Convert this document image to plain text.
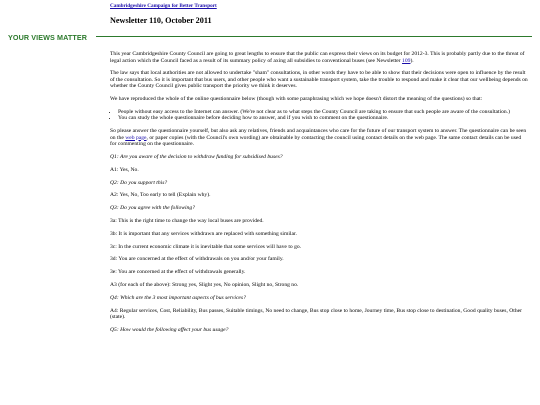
Cambridgeshire Campaign for Better Transport
Newsletter 110, October 2011
YOUR VIEWS MATTER

This year Cambridgeshire County Council are going to great lengths to ensure that the public can express their views on its budget for 2012-3. This is probably partly due to the threat of legal action which the Council faced as a result of its summary policy of axing all subsidies to conventional buses (see Newsletter 109).

The law says that local authorities are not allowed to undertake "sham" consultations, in other words they have to be able to show that their decisions were open to influence by the result of the consultation. So it is important that bus users, and other people who want a sustainable transport system, take the trouble to respond and make it clear that our wellbeing depends on whether the County Council gives public transport the priority we think it deserves.

We have reproduced the whole of the online questionnaire below (though with some paraphrasing which we hope doesn't distort the meaning of the questions) so that:

• People without easy access to the Internet can answer. (We're not clear as to what steps the County Council are taking to ensure that such people are aware of the consultation.)
• You can study the whole questionnaire before deciding how to answer, and if you wish to comment on the questionnaire.

So please answer the questionnaire yourself, but also ask any relatives, friends and acquaintances who care for the future of our transport system to answer. The questionnaire can be seen on the web page, or paper copies (with the Council's own wording) are obtainable by contacting the council using contact details on the web page. The same contact details can be used for commenting on the questionnaire.

Q1: Are you aware of the decision to withdraw funding for subsidised buses?

A1: Yes, No.

Q2: Do you support this?

A2: Yes, No, Too early to tell (Explain why).

Q3: Do you agree with the following?

3a: This is the right time to change the way local buses are provided.

3b: It is important that any services withdrawn are replaced with something similar.

3c: In the current economic climate it is inevitable that some services will have to go.

3d: You are concerned at the effect of withdrawals on you and/or your family.

3e: You are concerned at the effect of withdrawals generally.

A3 (for each of the above): Strong yes, Slight yes, No opinion, Slight no, Strong no.

Q4: Which are the 3 most important aspects of bus services?

A4: Regular services, Cost, Reliability, Bus passes, Suitable timings, No need to change, Bus stop close to home, Journey time, Bus stop close to destination, Good quality buses, Other (state).

Q5: How would the following affect your bus usage?
